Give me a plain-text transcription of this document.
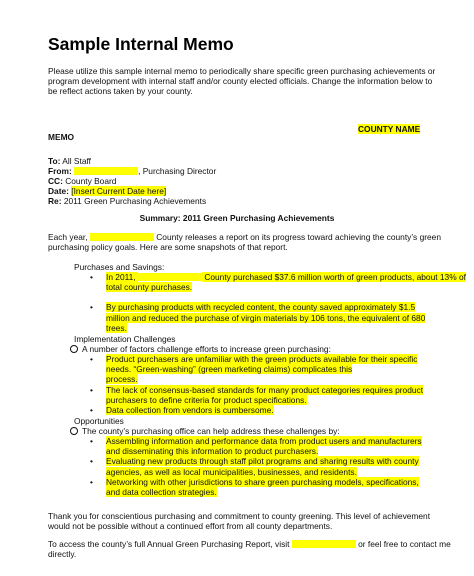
Sample Internal Memo
Please utilize this sample internal memo to periodically share specific green purchasing achievements or
program development with internal staff and/or county elected officials. Change the information below to
be reflect actions taken by your county.
COUNTY NAME
MEMO
To: All Staff
From:	, Purchasing Director
CC: County Board
Date: [Insert Current Date here]
Re: 2011 Green Purchasing Achievements
Summary: 2011 Green Purchasing Achievements
Each year,	County releases a report on its progress toward achieving the county’s green
purchasing policy goals. Here are some snapshots of that report.
Purchases and Savings:
•	In 2011,	County purchased $37.6 million worth of green products, about 13% of
total county purchases.
•	By purchasing products with recycled content, the county saved approximately $1.5
million and reduced the purchase of virgin materials by 106 tons, the equivalent of 680
trees.
Implementation Challenges
A number of factors challenge efforts to increase green purchasing:
•	Product purchasers are unfamiliar with the green products available for their specific
needs. “Green-washing” (green marketing claims) complicates this
process.
•	The lack of consensus-based standards for many product categories requires product
purchasers to define criteria for product specifications.
•	Data collection from vendors is cumbersome.
Opportunities
The county’s purchasing office can help address these challenges by:
•	Assembling information and performance data from product users and manufacturers
and disseminating this information to product purchasers.
•	Evaluating new products through staff pilot programs and sharing results with county
agencies, as well as local municipalities, businesses, and residents.
•	Networking with other jurisdictions to share green purchasing models, specifications,
and data collection strategies.
Thank you for conscientious purchasing and commitment to county greening. This level of achievement
would not be possible without a continued effort from all county departments.
To access the county’s full Annual Green Purchasing Report, visit	or feel free to contact me
directly.
